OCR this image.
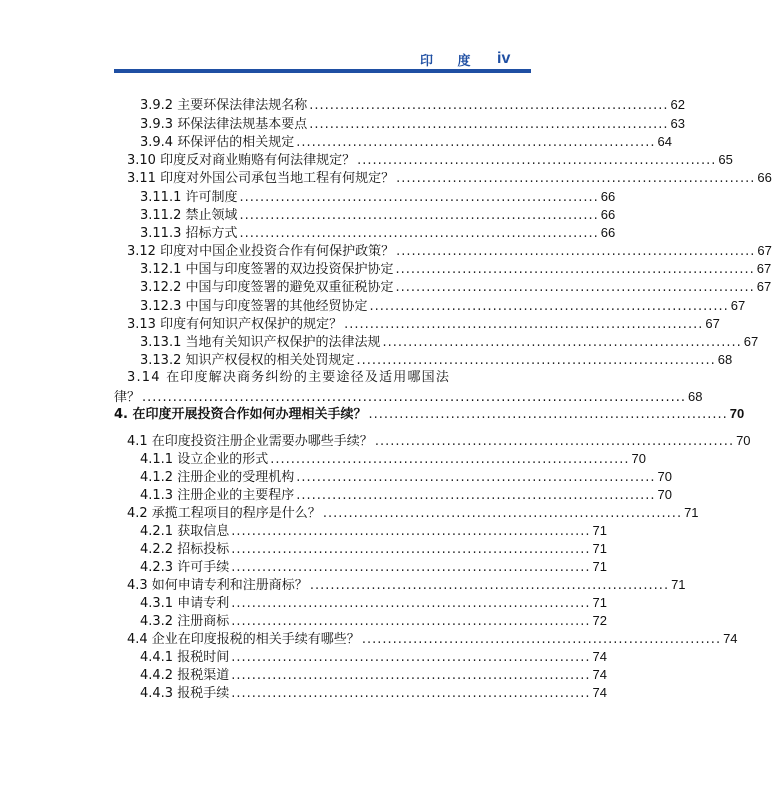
印 度 iv
3.9.2 主要环保法律法规名称 ...................................................................... 62
3.9.3 环保法律法规基本要点 ...................................................................... 63
3.9.4 环保评估的相关规定 ...................................................................... 64
3.10 印度反对商业贿赂有何法律规定？ ...................................................................... 65
3.11 印度对外国公司承包当地工程有何规定？ ...................................................................... 66
3.11.1 许可制度 ...................................................................... 66
3.11.2 禁止领域 ...................................................................... 66
3.11.3 招标方式 ...................................................................... 66
3.12 印度对中国企业投资合作有何保护政策？ ...................................................................... 67
3.12.1 中国与印度签署的双边投资保护协定 ...................................................................... 67
3.12.2 中国与印度签署的避免双重征税协定 ...................................................................... 67
3.12.3 中国与印度签署的其他经贸协定 ...................................................................... 67
3.13 印度有何知识产权保护的规定？ ...................................................................... 67
3.13.1 当地有关知识产权保护的法律法规 ...................................................................... 67
3.13.2 知识产权侵权的相关处罚规定 ...................................................................... 68
3.14 在印度解决商务纠纷的主要途径及适用哪国法
律？ .......................................................................................................... 68
4. 在印度开展投资合作如何办理相关手续？ ...................................................................... 70
4.1 在印度投资注册企业需要办哪些手续？ ...................................................................... 70
4.1.1 设立企业的形式 ...................................................................... 70
4.1.2 注册企业的受理机构 ...................................................................... 70
4.1.3 注册企业的主要程序 ...................................................................... 70
4.2 承揽工程项目的程序是什么？ ...................................................................... 71
4.2.1 获取信息 ...................................................................... 71
4.2.2 招标投标 ...................................................................... 71
4.2.3 许可手续 ...................................................................... 71
4.3 如何申请专利和注册商标？ ...................................................................... 71
4.3.1 申请专利 ...................................................................... 71
4.3.2 注册商标 ...................................................................... 72
4.4 企业在印度报税的相关手续有哪些？ ...................................................................... 74
4.4.1 报税时间 ...................................................................... 74
4.4.2 报税渠道 ...................................................................... 74
4.4.3 报税手续 ...................................................................... 74
